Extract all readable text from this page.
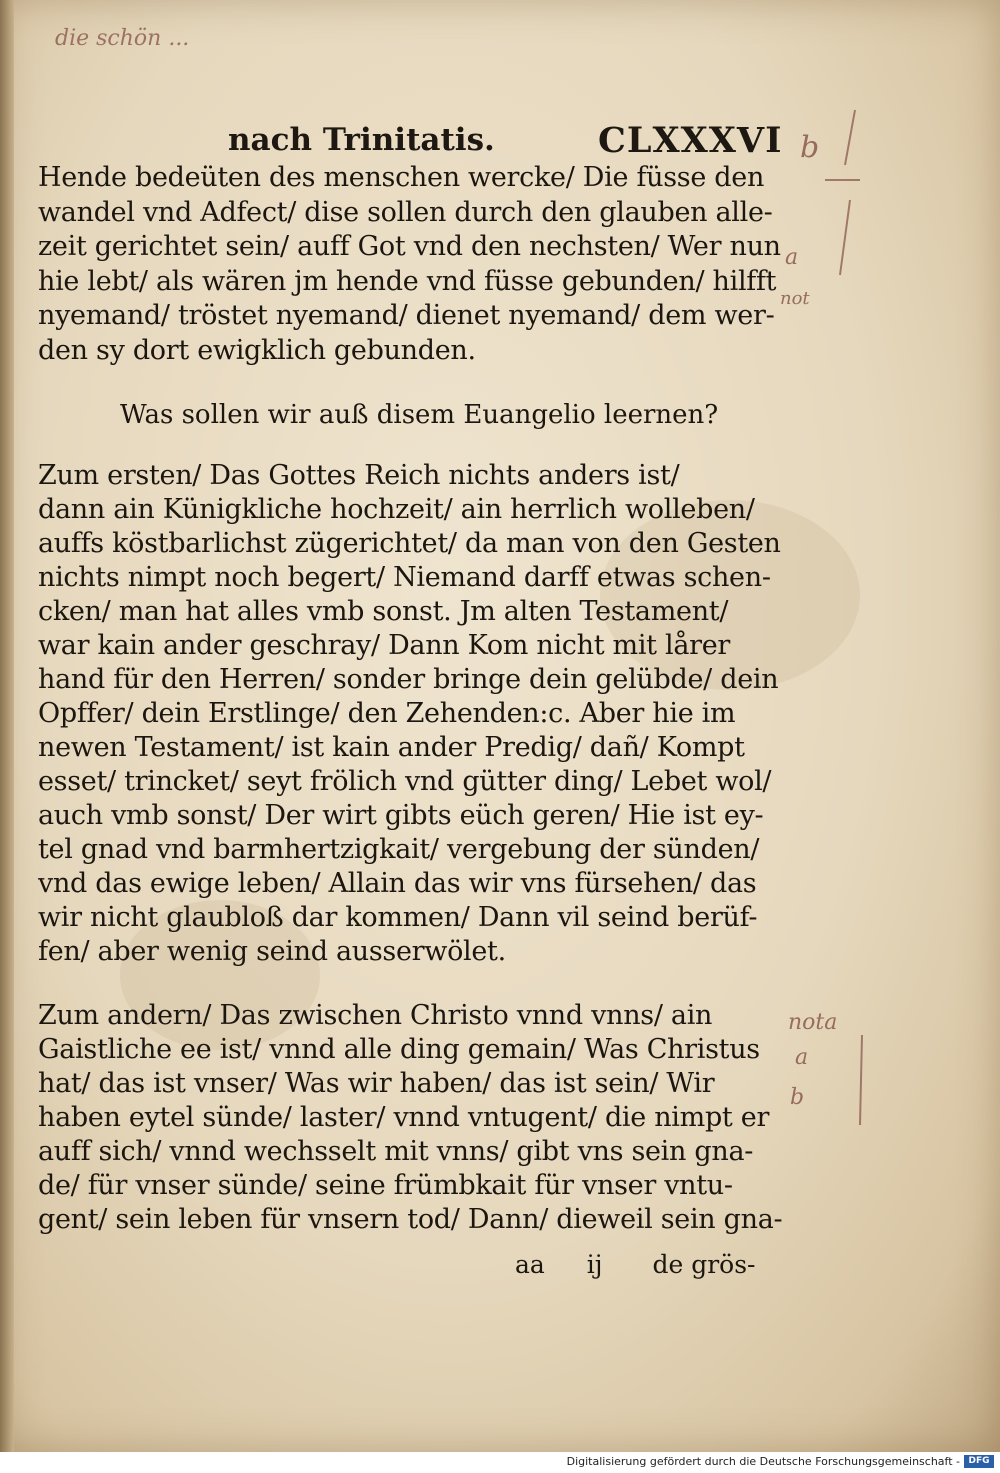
die schön ...
nach Trinitatis.	CLXXXVI b
a
not
nota
a
b
Hende bedeüten des menschen wercke/ Die füsse den
wandel vnd Adfect/ dise sollen durch den glauben alle-
zeit gerichtet sein/ auff Got vnd den nechsten/ Wer nun
hie lebt/ als wären jm hende vnd füsse gebunden/ hilfft
nyemand/ tröstet nyemand/ dienet nyemand/ dem wer-
den sy dort ewigklich gebunden.
Was sollen wir auß disem Euangelio leernen?
Zum ersten/ Das Gottes Reich nichts anders ist/
dann ain Künigkliche hochzeit/ ain herrlich wolleben/
auffs köstbarlichst zügerichtet/ da man von den Gesten
nichts nimpt noch begert/ Niemand darff etwas schen-
cken/ man hat alles vmb sonst. Jm alten Testament/
war kain ander geschray/ Dann Kom nicht mit lårer
hand für den Herren/ sonder bringe dein gelübde/ dein
Opffer/ dein Erstlinge/ den Zehenden:c. Aber hie im
newen Testament/ ist kain ander Predig/ dañ/ Kompt
esset/ trincket/ seyt frölich vnd gütter ding/ Lebet wol/
auch vmb sonst/ Der wirt gibts eüch geren/ Hie ist ey-
tel gnad vnd barmhertzigkait/ vergebung der sünden/
vnd das ewige leben/ Allain das wir vns fürsehen/ das
wir nicht glaubloß dar kommen/ Dann vil seind berüf-
fen/ aber wenig seind ausserwölet.
Zum andern/ Das zwischen Christo vnnd vnns/ ain
Gaistliche ee ist/ vnnd alle ding gemain/ Was Christus
hat/ das ist vnser/ Was wir haben/ das ist sein/ Wir
haben eytel sünde/ laster/ vnnd vntugent/ die nimpt er
auff sich/ vnnd wechsselt mit vnns/ gibt vns sein gna-
de/ für vnser sünde/ seine frümbkait für vnser vntu-
gent/ sein leben für vnsern tod/ Dann/ dieweil sein gna-
aa ij de grös-
Digitalisierung gefördert durch die Deutsche Forschungsgemeinschaft - DFG
